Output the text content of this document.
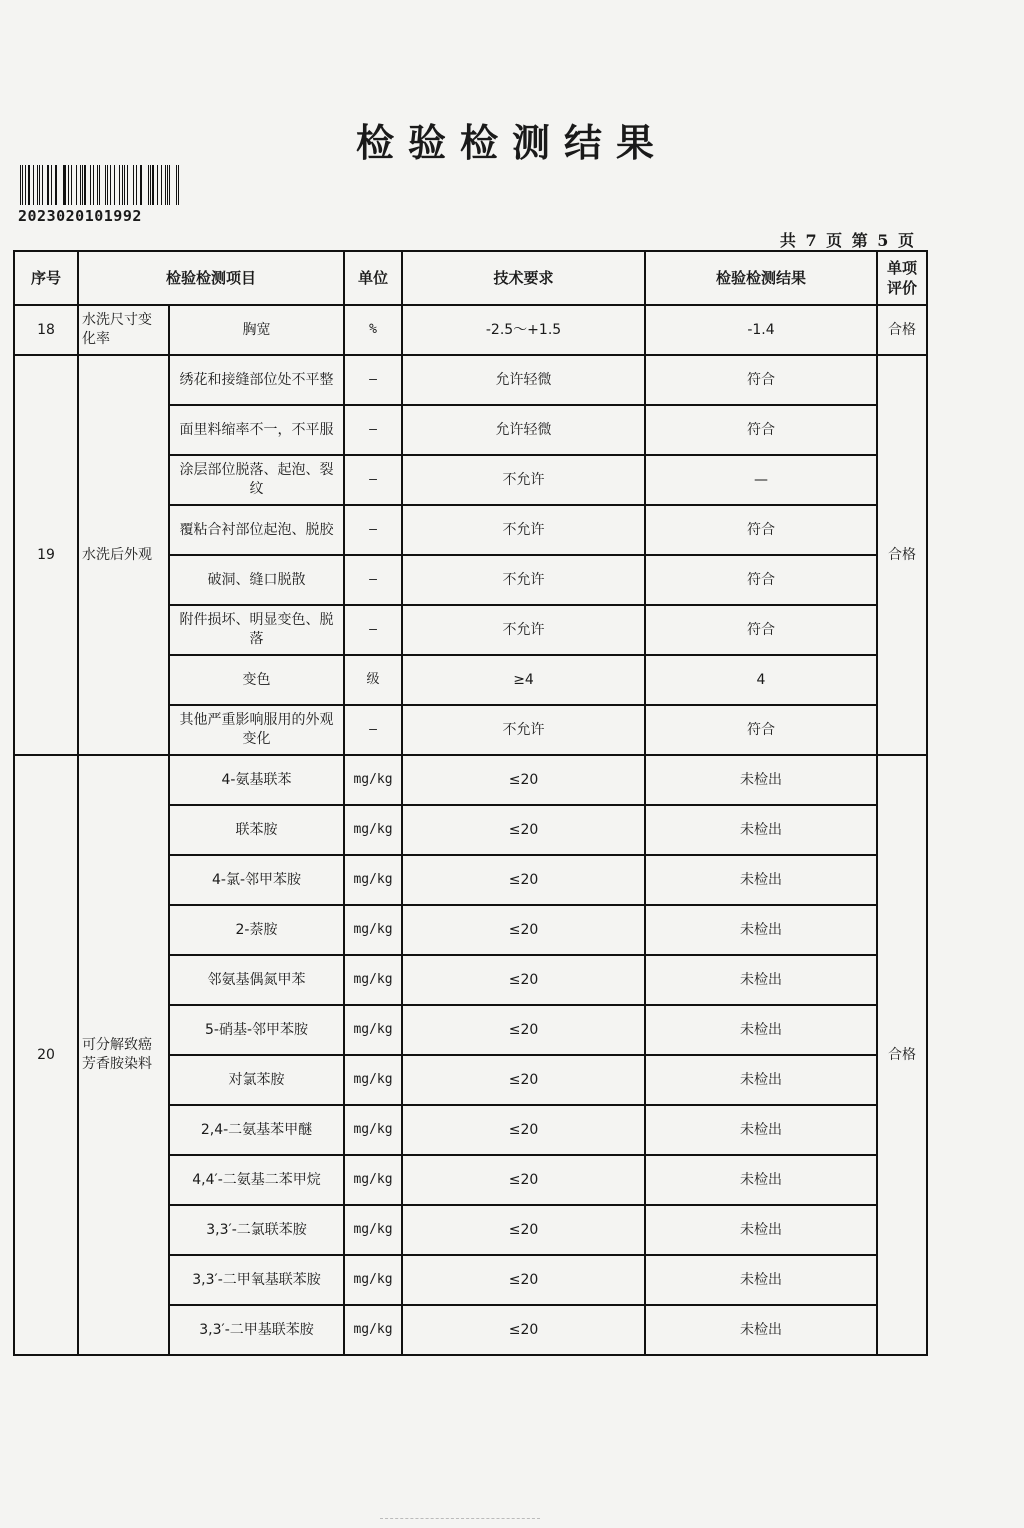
检验检测结果
2023020101992
共 7 页 第 5 页
序号	检验检测项目		单位	技术要求	检验检测结果	单项评价
18	水洗尺寸变化率	胸宽	%	-2.5～+1.5	-1.4	合格
19	水洗后外观	绣花和接缝部位处不平整	—	允许轻微	符合	合格
		面里料缩率不一，不平服	—	允许轻微	符合	
		涂层部位脱落、起泡、裂纹	—	不允许	—	
		覆粘合衬部位起泡、脱胶	—	不允许	符合	
		破洞、缝口脱散	—	不允许	符合	
		附件损坏、明显变色、脱落	—	不允许	符合	
		变色	级	≥4	4	
		其他严重影响服用的外观变化	—	不允许	符合	
20	可分解致癌芳香胺染料	4-氨基联苯	mg/kg	≤20	未检出	合格
		联苯胺	mg/kg	≤20	未检出	
		4-氯-邻甲苯胺	mg/kg	≤20	未检出	
		2-萘胺	mg/kg	≤20	未检出	
		邻氨基偶氮甲苯	mg/kg	≤20	未检出	
		5-硝基-邻甲苯胺	mg/kg	≤20	未检出	
		对氯苯胺	mg/kg	≤20	未检出	
		2,4-二氨基苯甲醚	mg/kg	≤20	未检出	
		4,4′-二氨基二苯甲烷	mg/kg	≤20	未检出	
		3,3′-二氯联苯胺	mg/kg	≤20	未检出	
		3,3′-二甲氧基联苯胺	mg/kg	≤20	未检出	
		3,3′-二甲基联苯胺	mg/kg	≤20	未检出	
